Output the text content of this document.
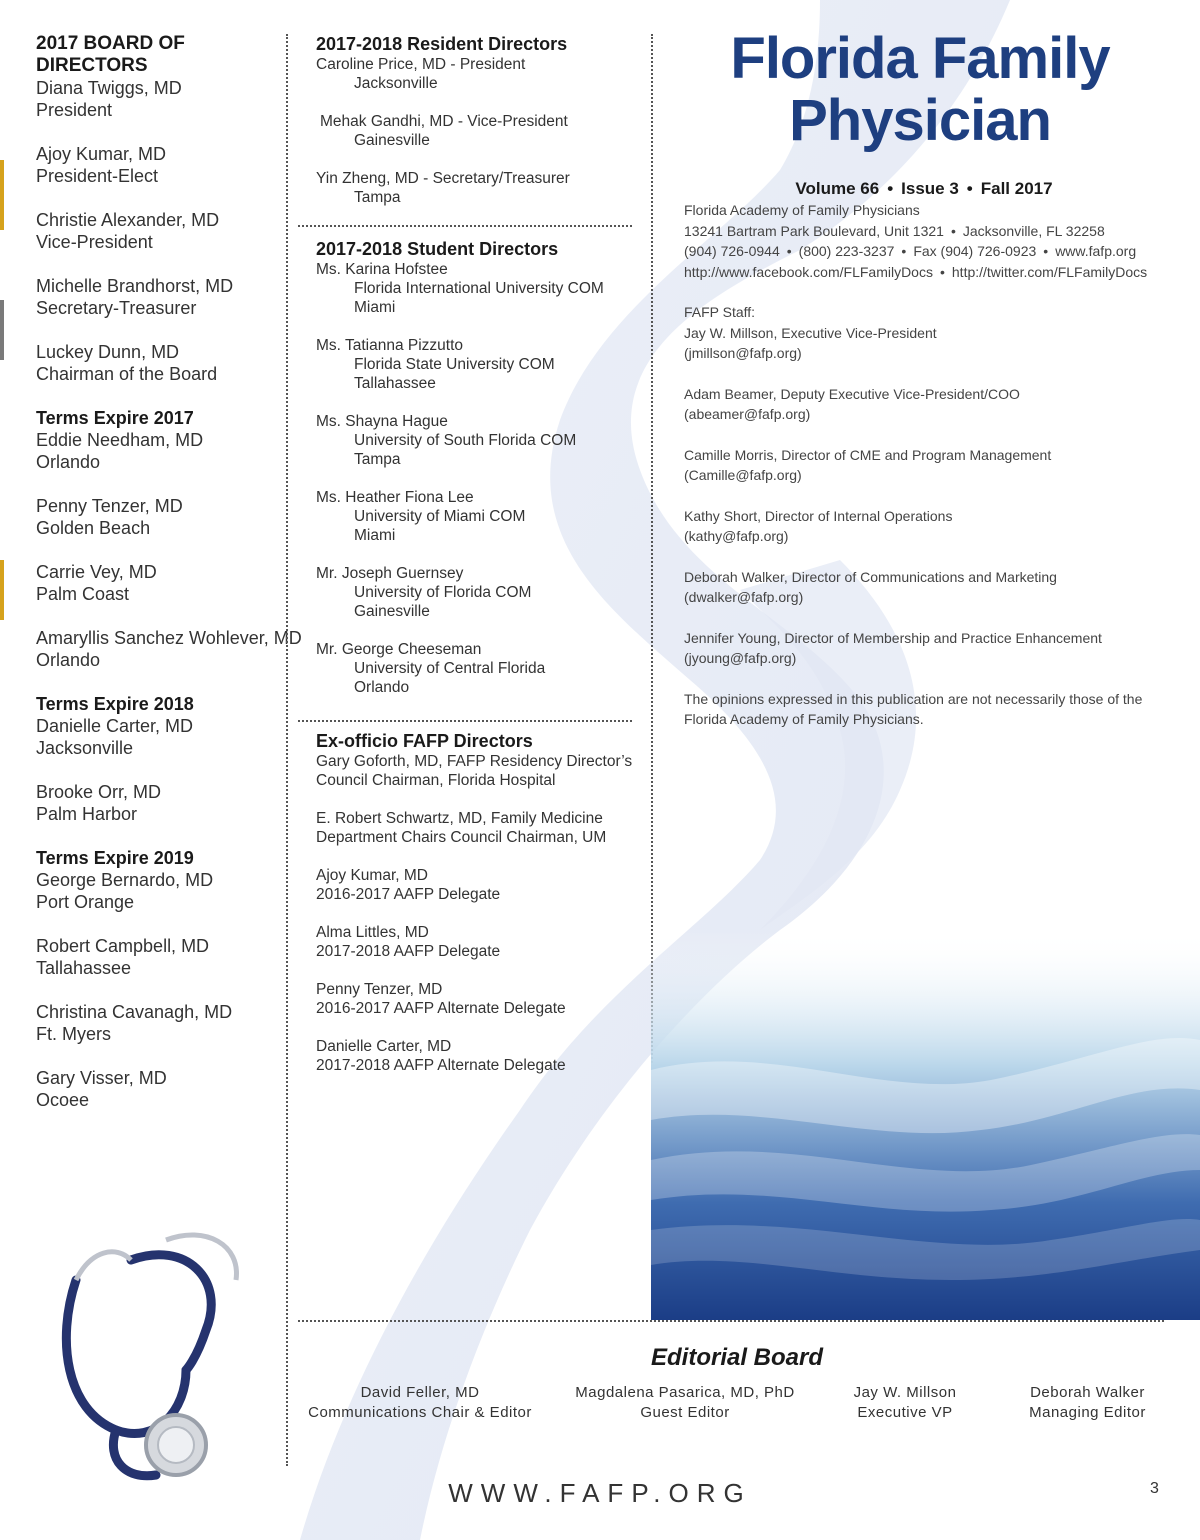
2017 BOARD OF DIRECTORS
Diana Twiggs, MD
President
Ajoy Kumar, MD
President-Elect
Christie Alexander, MD
Vice-President
Michelle Brandhorst, MD
Secretary-Treasurer
Luckey Dunn, MD
Chairman of the Board
Terms Expire 2017
Eddie Needham, MD
Orlando
Penny Tenzer, MD
Golden Beach
Carrie Vey, MD
Palm Coast
Amaryllis Sanchez Wohlever, MD
Orlando
Terms Expire 2018
Danielle Carter, MD
Jacksonville
Brooke Orr, MD
Palm Harbor
Terms Expire 2019
George Bernardo, MD
Port Orange
Robert Campbell, MD
Tallahassee
Christina Cavanagh, MD
Ft. Myers
Gary Visser, MD
Ocoee
2017-2018 Resident Directors
Caroline Price, MD - President
Jacksonville
Mehak Gandhi, MD - Vice-President
Gainesville
Yin Zheng, MD - Secretary/Treasurer
Tampa
2017-2018 Student Directors
Ms. Karina Hofstee
Florida International University COM
Miami
Ms. Tatianna Pizzutto
Florida State University COM
Tallahassee
Ms. Shayna Hague
University of South Florida COM
Tampa
Ms. Heather Fiona Lee
University of Miami COM
Miami
Mr. Joseph Guernsey
University of Florida COM
Gainesville
Mr. George Cheeseman
University of Central Florida
Orlando
Ex-officio FAFP Directors
Gary Goforth, MD, FAFP Residency Director’s
Council Chairman, Florida Hospital
E. Robert Schwartz, MD, Family Medicine
Department Chairs Council Chairman, UM
Ajoy Kumar, MD
2016-2017 AAFP Delegate
Alma Littles, MD
2017-2018 AAFP Delegate
Penny Tenzer, MD
2016-2017 AAFP Alternate Delegate
Danielle Carter, MD
2017-2018 AAFP Alternate Delegate
Florida Family
Physician
Volume 66 • Issue 3 • Fall 2017
Florida Academy of Family Physicians
13241 Bartram Park Boulevard, Unit 1321 • Jacksonville, FL 32258
(904) 726-0944 • (800) 223-3237 • Fax (904) 726-0923 • www.fafp.org
http://www.facebook.com/FLFamilyDocs • http://twitter.com/FLFamilyDocs
FAFP Staff:
Jay W. Millson, Executive Vice-President
(jmillson@fafp.org)
Adam Beamer, Deputy Executive Vice-President/COO
(abeamer@fafp.org)
Camille Morris, Director of CME and Program Management
(Camille@fafp.org)
Kathy Short, Director of Internal Operations
(kathy@fafp.org)
Deborah Walker, Director of Communications and Marketing
(dwalker@fafp.org)
Jennifer Young, Director of Membership and Practice Enhancement
(jyoung@fafp.org)
The opinions expressed in this publication are not necessarily those of the
Florida Academy of Family Physicians.
Editorial Board
David Feller, MD
Communications Chair & Editor
Magdalena Pasarica, MD, PhD
Guest Editor
Jay W. Millson
Executive VP
Deborah Walker
Managing Editor
WWW.FAFP.ORG	3
